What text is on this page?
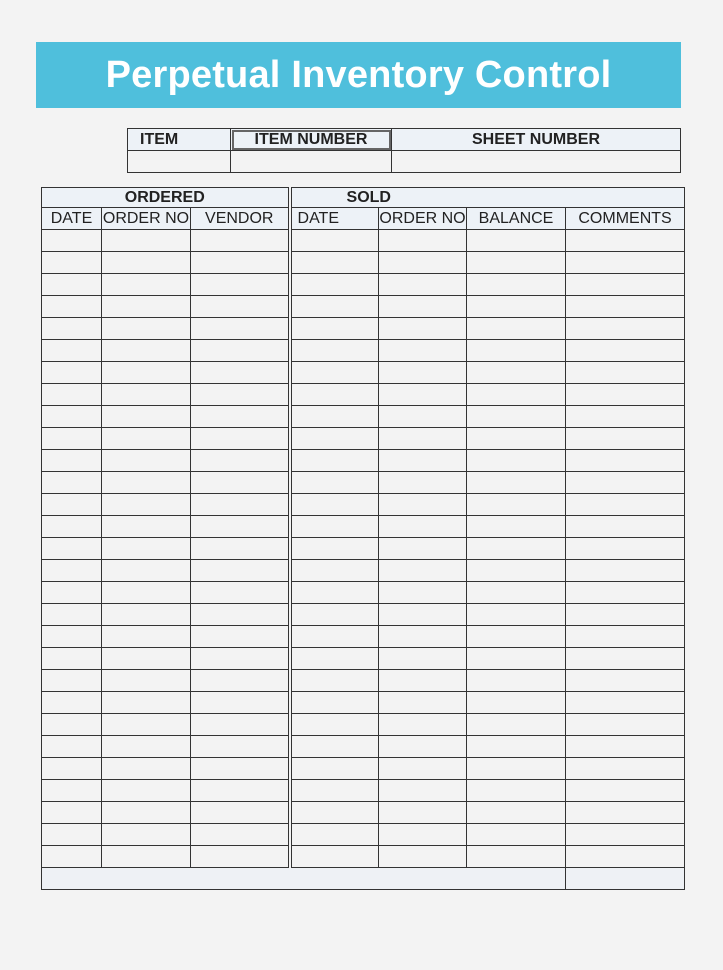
Perpetual Inventory Control
ITEM	ITEM NUMBER	SHEET NUMBER

ORDERED			SOLD			
DATE	ORDER NO	VENDOR	DATE	ORDER NO	BALANCE	COMMENTS
